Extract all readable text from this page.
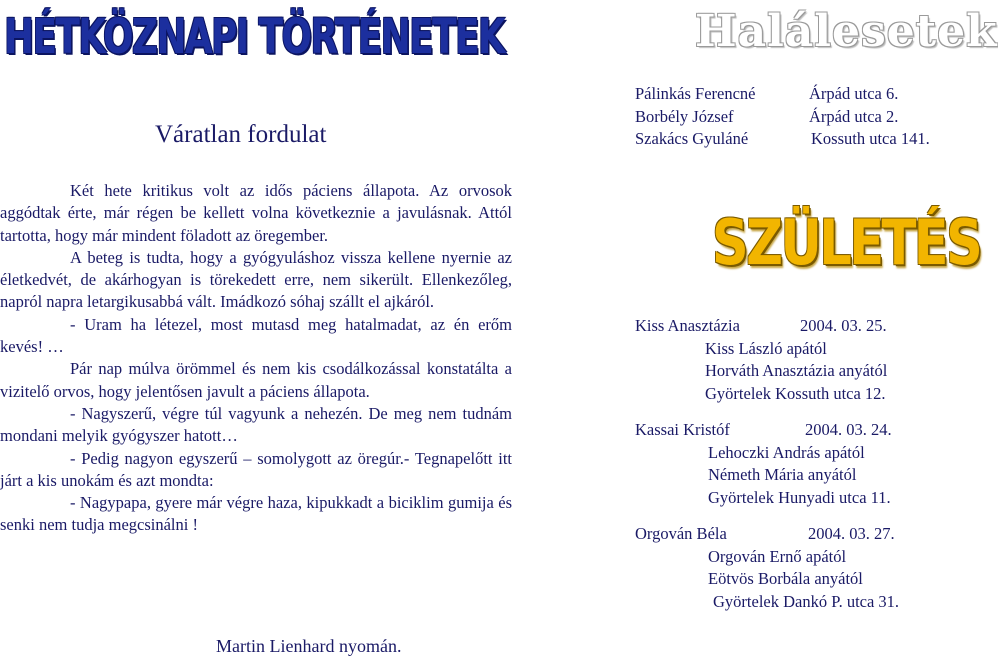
HÉTKÖZNAPI TÖRTÉNETEK
Váratlan fordulat

Két hete kritikus volt az idős páciens állapota. Az orvosok aggódtak érte, már régen be kellett volna következnie a javulásnak. Attól tartotta, hogy már mindent föladott az öregember.

A beteg is tudta, hogy a gyógyuláshoz vissza kellene nyernie az életkedvét, de akárhogyan is törekedett erre, nem sikerült. Ellenkezőleg, napról napra letargikusabbá vált. Imádkozó sóhaj szállt el ajkáról.

- Uram ha létezel, most mutasd meg hatalmadat, az én erőm kevés! …

Pár nap múlva örömmel és nem kis csodálkozással konstatálta a vizitelő orvos, hogy jelentősen javult a páciens állapota.

- Nagyszerű, végre túl vagyunk a nehezén. De meg nem tudnám mondani melyik gyógyszer hatott…

- Pedig nagyon egyszerű – somolygott az öregúr.- Tegnapelőtt itt járt a kis unokám és azt mondta:

- Nagypapa, gyere már végre haza, kipukkadt a biciklim gumija és senki nem tudja megcsinálni !

Martin Lienhard nyomán.
Halálesetek
Pálinkás Ferencné	Árpád utca 6.
Borbély József	Árpád utca 2.
Szakács Gyuláné	Kossuth utca 141.
SZÜLETÉS
Kiss Anasztázia	2004. 03. 25.
Kiss László apától
Horváth Anasztázia anyától
Györtelek Kossuth utca 12.
Kassai Kristóf	2004. 03. 24.
Lehoczki András apától
Németh Mária anyától
Györtelek Hunyadi utca 11.
Orgován Béla	2004. 03. 27.
Orgován Ernő apától
Eötvös Borbála anyától
Györtelek Dankó P. utca 31.
